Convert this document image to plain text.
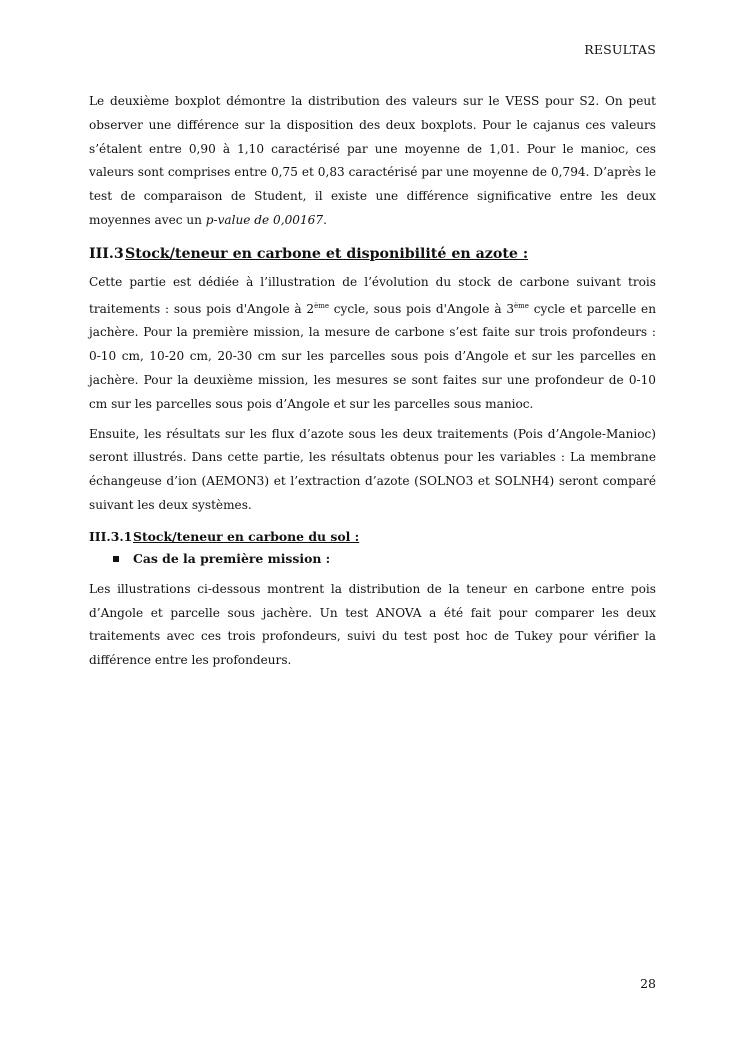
RESULTAS

Le deuxième boxplot démontre la distribution des valeurs sur le VESS pour S2. On peut observer une différence sur la disposition des deux boxplots. Pour le cajanus ces valeurs s’étalent entre 0,90 à 1,10 caractérisé par une moyenne de 1,01. Pour le manioc, ces valeurs sont comprises entre 0,75 et 0,83 caractérisé par une moyenne de 0,794. D’après le test de comparaison de Student, il existe une différence significative entre les deux moyennes avec un p-value de 0,00167.

III.3 Stock/teneur en carbone et disponibilité en azote :

Cette partie est dédiée à l’illustration de l’évolution du stock de carbone suivant trois traitements : sous pois d'Angole à 2ème cycle, sous pois d'Angole à 3ème cycle et parcelle en jachère. Pour la première mission, la mesure de carbone s’est faite sur trois profondeurs : 0-10 cm, 10-20 cm, 20-30 cm sur les parcelles sous pois d’Angole et sur les parcelles en jachère. Pour la deuxième mission, les mesures se sont faites sur une profondeur de 0-10 cm sur les parcelles sous pois d’Angole et sur les parcelles sous manioc.

Ensuite, les résultats sur les flux d’azote sous les deux traitements (Pois d’Angole-Manioc) seront illustrés. Dans cette partie, les résultats obtenus pour les variables : La membrane échangeuse d’ion (AEMON3) et l’extraction d’azote (SOLNO3 et SOLNH4) seront comparé suivant les deux systèmes.

III.3.1 Stock/teneur en carbone du sol :
Cas de la première mission :

Les illustrations ci-dessous montrent la distribution de la teneur en carbone entre pois d’Angole et parcelle sous jachère. Un test ANOVA a été fait pour comparer les deux traitements avec ces trois profondeurs, suivi du test post hoc de Tukey pour vérifier la différence entre les profondeurs.

28
